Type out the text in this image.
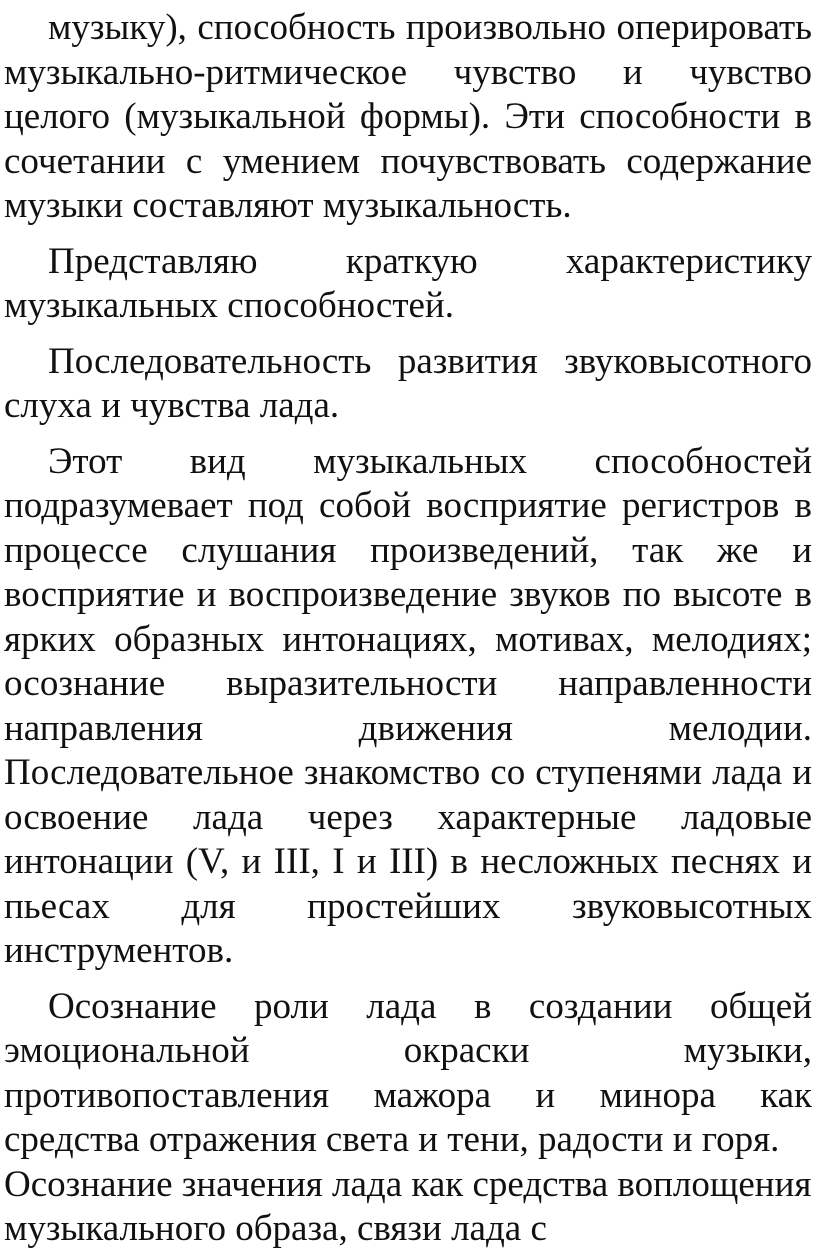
музыку), способность произвольно оперировать музыкально-ритмическое чувство и чувство целого (музыкальной формы). Эти способности в сочетании с умением почувствовать содержание музыки составляют музыкальность.

Представляю краткую характеристику музыкальных способностей.

Последовательность развития звуковысотного слуха и чувства лада.

Этот вид музыкальных способностей подразумевает под собой восприятие регистров в процессе слушания произведений, так же и восприятие и воспроизведение звуков по высоте в ярких образных интонациях, мотивах, мелодиях; осознание выразительности направленности направления движения мелодии. Последовательное знакомство со ступенями лада и освоение лада через характерные ладовые интонации (V, и III, I и III) в несложных песнях и пьесах для простейших звуковысотных инструментов.

Осознание роли лада в создании общей эмоциональной окраски музыки, противопоставления мажора и минора как средства отражения света и тени, радости и горя.

Осознание значения лада как средства воплощения музыкального образа, связи лада с
